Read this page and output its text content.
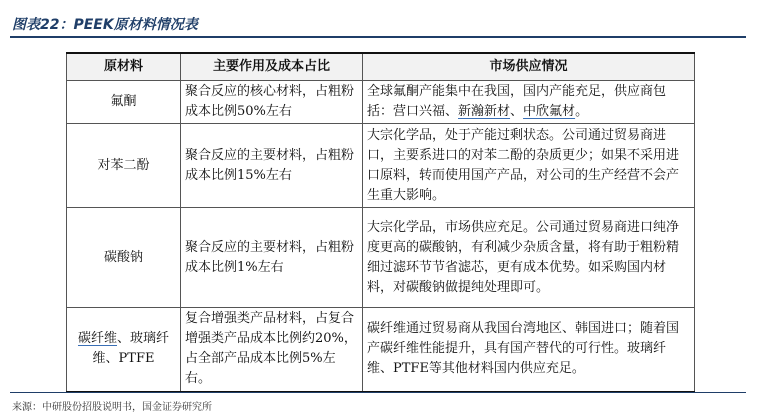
图表22：PEEK原材料情况表
原材料	主要作用及成本占比	市场供应情况
氟酮	聚合反应的核心材料，占粗粉成本比例50%左右	全球氟酮产能集中在我国，国内产能充足，供应商包括：营口兴福、新瀚新材、中欣氟材。
对苯二酚	聚合反应的主要材料，占粗粉成本比例15%左右	大宗化学品，处于产能过剩状态。公司通过贸易商进口，主要系进口的对苯二酚的杂质更少；如果不采用进口原料，转而使用国产产品，对公司的生产经营不会产生重大影响。
碳酸钠	聚合反应的主要材料，占粗粉成本比例1%左右	大宗化学品，市场供应充足。公司通过贸易商进口纯净度更高的碳酸钠，有利减少杂质含量，将有助于粗粉精细过滤环节节省滤芯，更有成本优势。如采购国内材料，对碳酸钠做提纯处理即可。
碳纤维、玻璃纤维、PTFE	复合增强类产品材料，占复合增强类产品成本比例约20%，占全部产品成本比例5%左右。	碳纤维通过贸易商从我国台湾地区、韩国进口；随着国产碳纤维性能提升，具有国产替代的可行性。玻璃纤维、PTFE等其他材料国内供应充足。
来源：中研股份招股说明书，国金证券研究所
